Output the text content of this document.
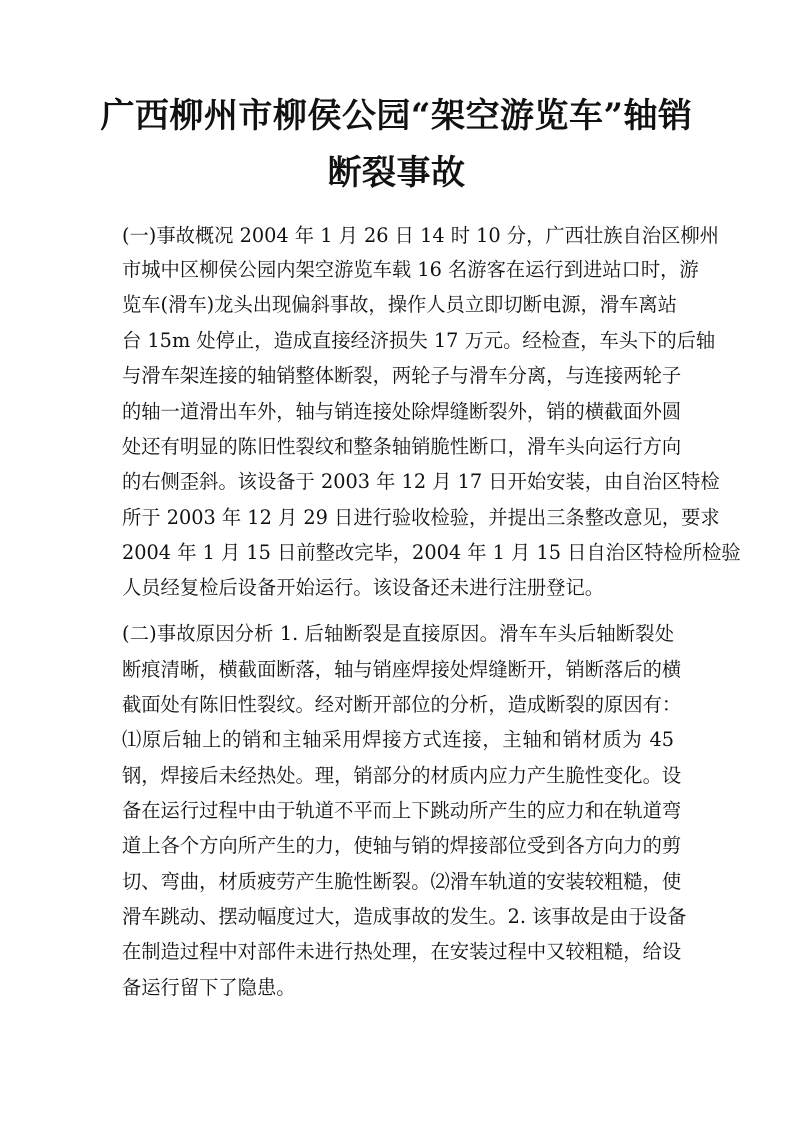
广西柳州市柳侯公园“架空游览车”轴销
断裂事故

(一)事故概况 2004 年 1 月 26 日 14 时 10 分，广西壮族自治区柳州

市城中区柳侯公园内架空游览车载 16 名游客在运行到进站口时，游

览车(滑车)龙头出现偏斜事故，操作人员立即切断电源，滑车离站

台 15m 处停止，造成直接经济损失 17 万元。经检查，车头下的后轴

与滑车架连接的轴销整体断裂，两轮子与滑车分离，与连接两轮子

的轴一道滑出车外，轴与销连接处除焊缝断裂外，销的横截面外圆

处还有明显的陈旧性裂纹和整条轴销脆性断口，滑车头向运行方向

的右侧歪斜。该设备于 2003 年 12 月 17 日开始安装，由自治区特检

所于 2003 年 12 月 29 日进行验收检验，并提出三条整改意见，要求

2004 年 1 月 15 日前整改完毕，2004 年 1 月 15 日自治区特检所检验

人员经复检后设备开始运行。该设备还未进行注册登记。

(二)事故原因分析 1. 后轴断裂是直接原因。滑车车头后轴断裂处

断痕清晰，横截面断落，轴与销座焊接处焊缝断开，销断落后的横

截面处有陈旧性裂纹。经对断开部位的分析，造成断裂的原因有：

⑴原后轴上的销和主轴采用焊接方式连接，主轴和销材质为 45

钢，焊接后未经热处。理，销部分的材质内应力产生脆性变化。设

备在运行过程中由于轨道不平而上下跳动所产生的应力和在轨道弯

道上各个方向所产生的力，使轴与销的焊接部位受到各方向力的剪

切、弯曲，材质疲劳产生脆性断裂。⑵滑车轨道的安装较粗糙，使

滑车跳动、摆动幅度过大，造成事故的发生。2. 该事故是由于设备

在制造过程中对部件未进行热处理，在安装过程中又较粗糙，给设

备运行留下了隐患。
